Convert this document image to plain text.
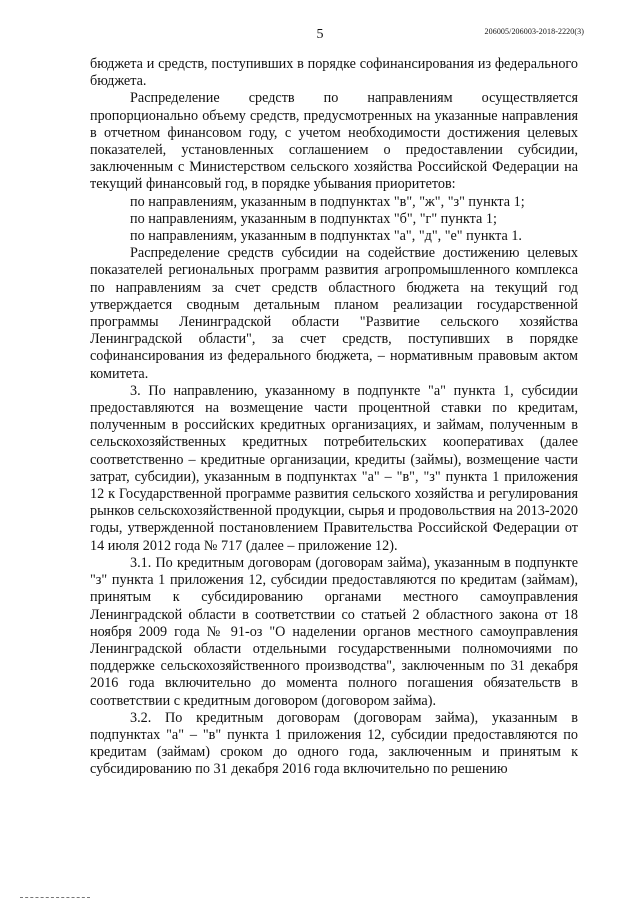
5	206005/206003-2018-2220(3)

бюджета и средств, поступивших в порядке софинансирования из федерального бюджета.

Распределение средств по направлениям осуществляется пропорционально объему средств, предусмотренных на указанные направления в отчетном финансовом году, с учетом необходимости достижения целевых показателей, установленных соглашением о предоставлении субсидии, заключенным с Министерством сельского хозяйства Российской Федерации на текущий финансовый год, в порядке убывания приоритетов:

по направлениям, указанным в подпунктах "в", "ж", "з" пункта 1;

по направлениям, указанным в подпунктах "б", "г" пункта 1;

по направлениям, указанным в подпунктах "а", "д", "е" пункта 1.

Распределение средств субсидии на содействие достижению целевых показателей региональных программ развития агропромышленного комплекса по направлениям за счет средств областного бюджета на текущий год утверждается сводным детальным планом реализации государственной программы Ленинградской области "Развитие сельского хозяйства Ленинградской области", за счет средств, поступивших в порядке софинансирования из федерального бюджета, – нормативным правовым актом комитета.

3. По направлению, указанному в подпункте "а" пункта 1, субсидии предоставляются на возмещение части процентной ставки по кредитам, полученным в российских кредитных организациях, и займам, полученным в сельскохозяйственных кредитных потребительских кооперативах (далее соответственно – кредитные организации, кредиты (займы), возмещение части затрат, субсидии), указанным в подпунктах "а" – "в", "з" пункта 1 приложения 12 к Государственной программе развития сельского хозяйства и регулирования рынков сельскохозяйственной продукции, сырья и продовольствия на 2013-2020 годы, утвержденной постановлением Правительства Российской Федерации от 14 июля 2012 года № 717 (далее – приложение 12).

3.1. По кредитным договорам (договорам займа), указанным в подпункте "з" пункта 1 приложения 12, субсидии предоставляются по кредитам (займам), принятым к субсидированию органами местного самоуправления Ленинградской области в соответствии со статьей 2 областного закона от 18 ноября 2009 года № 91-оз "О наделении органов местного самоуправления Ленинградской области отдельными государственными полномочиями по поддержке сельскохозяйственного производства", заключенным по 31 декабря 2016 года включительно до момента полного погашения обязательств в соответствии с кредитным договором (договором займа).

3.2. По кредитным договорам (договорам займа), указанным в подпунктах "а" – "в" пункта 1 приложения 12, субсидии предоставляются по кредитам (займам) сроком до одного года, заключенным и принятым к субсидированию по 31 декабря 2016 года включительно по решению
